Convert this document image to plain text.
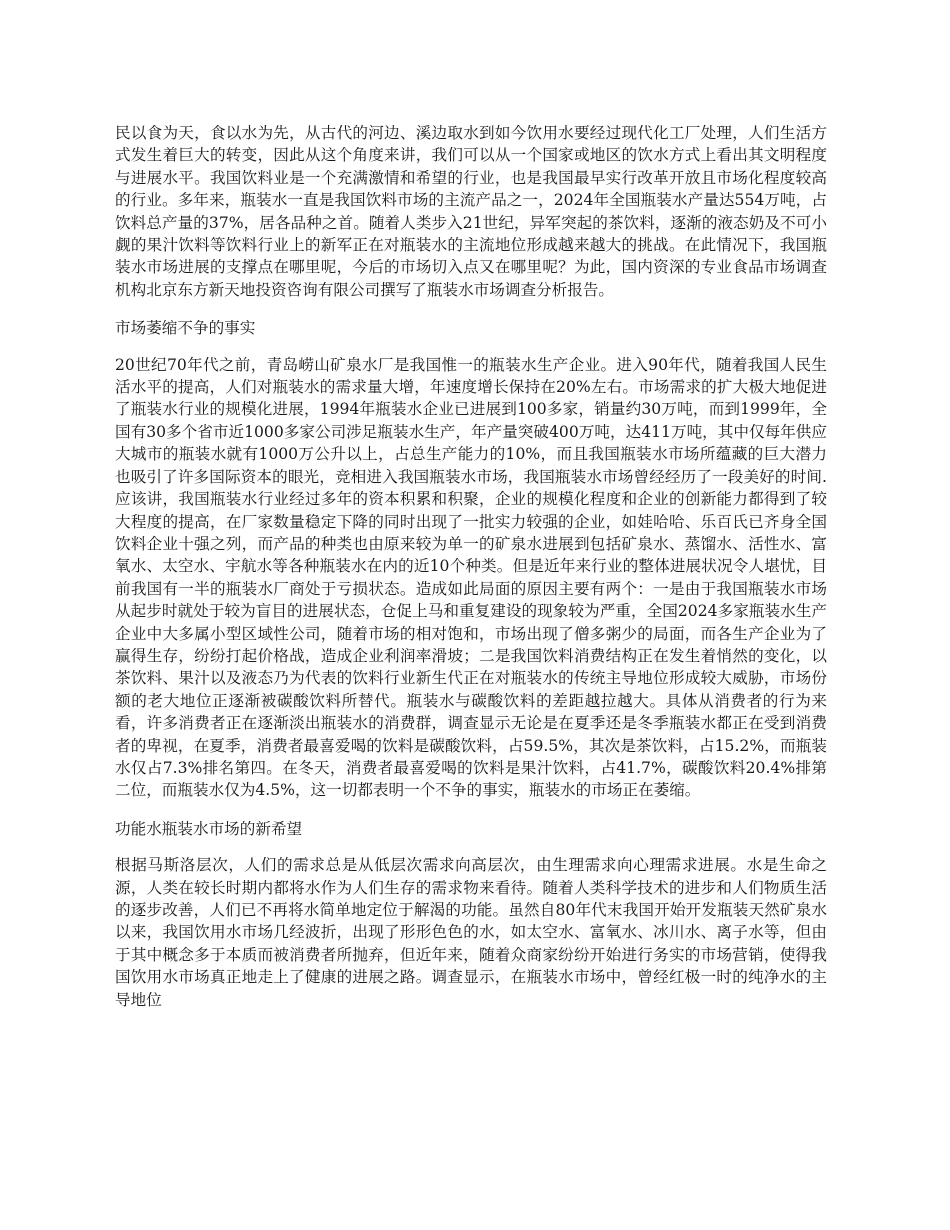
民以食为天，食以水为先，从古代的河边、溪边取水到如今饮用水要经过现代化工厂处理，人们生活方式发生着巨大的转变，因此从这个角度来讲，我们可以从一个国家或地区的饮水方式上看出其文明程度与进展水平。我国饮料业是一个充满激情和希望的行业，也是我国最早实行改革开放且市场化程度较高的行业。多年来，瓶装水一直是我国饮料市场的主流产品之一，2024年全国瓶装水产量达554万吨，占饮料总产量的37%，居各品种之首。随着人类步入21世纪，异军突起的茶饮料，逐渐的液态奶及不可小觑的果汁饮料等饮料行业上的新军正在对瓶装水的主流地位形成越来越大的挑战。在此情况下，我国瓶装水市场进展的支撑点在哪里呢，今后的市场切入点又在哪里呢？为此，国内资深的专业食品市场调查机构北京东方新天地投资咨询有限公司撰写了瓶装水市场调查分析报告。

市场萎缩不争的事实

20世纪70年代之前，青岛崂山矿泉水厂是我国惟一的瓶装水生产企业。进入90年代，随着我国人民生活水平的提高，人们对瓶装水的需求量大增，年速度增长保持在20%左右。市场需求的扩大极大地促进了瓶装水行业的规模化进展，1994年瓶装水企业已进展到100多家，销量约30万吨，而到1999年，全国有30多个省市近1000多家公司涉足瓶装水生产，年产量突破400万吨，达411万吨，其中仅每年供应大城市的瓶装水就有1000万公升以上，占总生产能力的10%，而且我国瓶装水市场所蕴藏的巨大潜力也吸引了许多国际资本的眼光，竞相进入我国瓶装水市场，我国瓶装水市场曾经经历了一段美好的时间.应该讲，我国瓶装水行业经过多年的资本积累和积聚，企业的规模化程度和企业的创新能力都得到了较大程度的提高，在厂家数量稳定下降的同时出现了一批实力较强的企业，如娃哈哈、乐百氏已齐身全国饮料企业十强之列，而产品的种类也由原来较为单一的矿泉水进展到包括矿泉水、蒸馏水、活性水、富氧水、太空水、宇航水等各种瓶装水在内的近10个种类。但是近年来行业的整体进展状况令人堪忧，目前我国有一半的瓶装水厂商处于亏损状态。造成如此局面的原因主要有两个：一是由于我国瓶装水市场从起步时就处于较为盲目的进展状态，仓促上马和重复建设的现象较为严重，全国2024多家瓶装水生产企业中大多属小型区域性公司，随着市场的相对饱和，市场出现了僧多粥少的局面，而各生产企业为了赢得生存，纷纷打起价格战，造成企业利润率滑坡；二是我国饮料消费结构正在发生着悄然的变化，以茶饮料、果汁以及液态乃为代表的饮料行业新生代正在对瓶装水的传统主导地位形成较大威胁，市场份额的老大地位正逐渐被碳酸饮料所替代。瓶装水与碳酸饮料的差距越拉越大。具体从消费者的行为来看，许多消费者正在逐渐淡出瓶装水的消费群，调查显示无论是在夏季还是冬季瓶装水都正在受到消费者的卑视，在夏季，消费者最喜爱喝的饮料是碳酸饮料，占59.5%，其次是茶饮料，占15.2%，而瓶装水仅占7.3%排名第四。在冬天，消费者最喜爱喝的饮料是果汁饮料，占41.7%，碳酸饮料20.4%排第二位，而瓶装水仅为4.5%，这一切都表明一个不争的事实，瓶装水的市场正在萎缩。

功能水瓶装水市场的新希望

根据马斯洛层次，人们的需求总是从低层次需求向高层次，由生理需求向心理需求进展。水是生命之源，人类在较长时期内都将水作为人们生存的需求物来看待。随着人类科学技术的进步和人们物质生活的逐步改善，人们已不再将水简单地定位于解渴的功能。虽然自80年代末我国开始开发瓶装天然矿泉水以来，我国饮用水市场几经波折，出现了形形色色的水，如太空水、富氧水、冰川水、离子水等，但由于其中概念多于本质而被消费者所抛弃，但近年来，随着众商家纷纷开始进行务实的市场营销，使得我国饮用水市场真正地走上了健康的进展之路。调查显示，在瓶装水市场中，曾经红极一时的纯净水的主导地位
